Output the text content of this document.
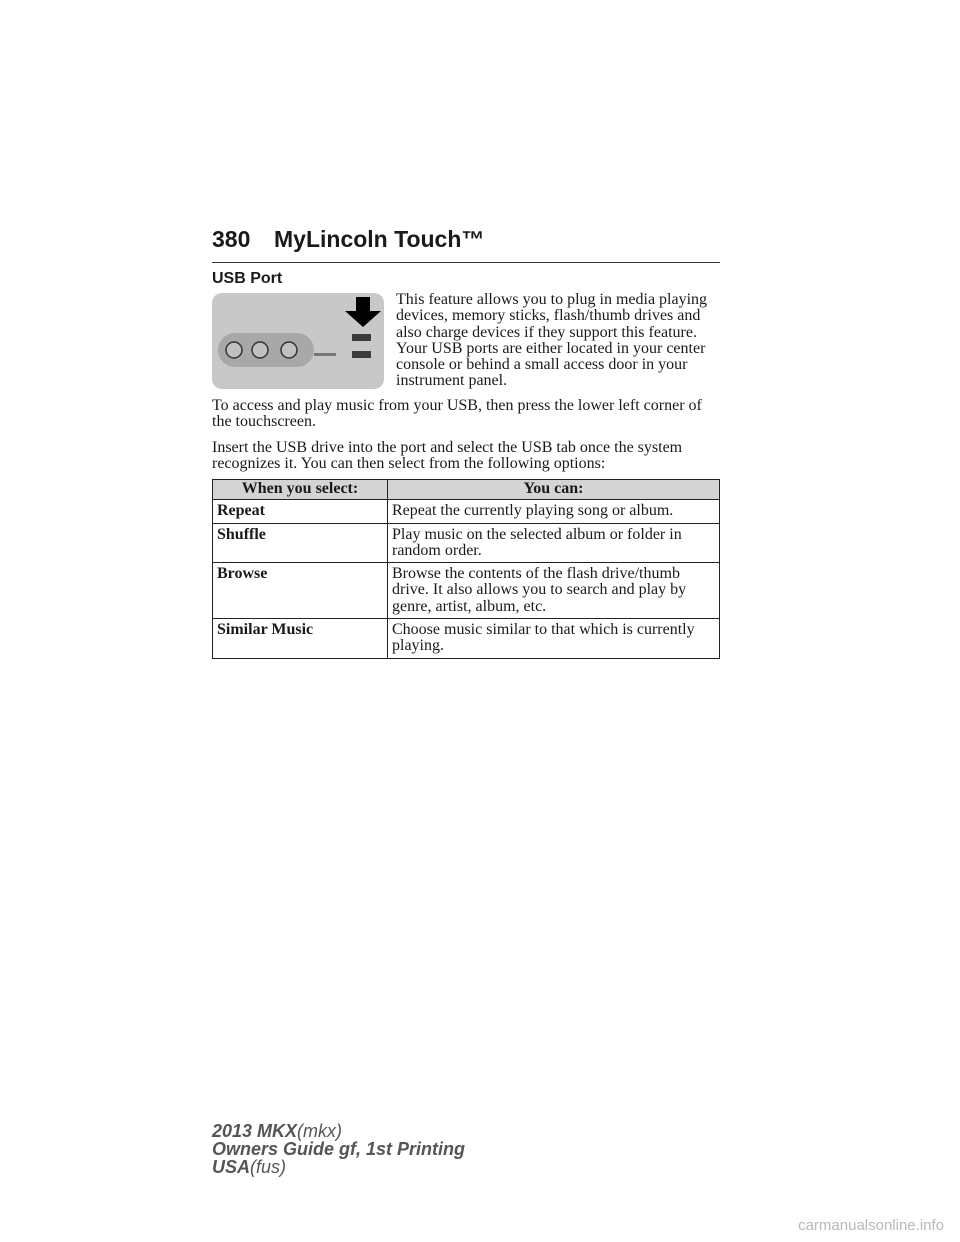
380 MyLincoln Touch™
USB Port
This feature allows you to plug in media playing devices, memory sticks, flash/thumb drives and also charge devices if they support this feature. Your USB ports are either located in your center console or behind a small access door in your instrument panel.
To access and play music from your USB, then press the lower left corner of the touchscreen.
Insert the USB drive into the port and select the USB tab once the system recognizes it. You can then select from the following options:
When you select:	You can:
Repeat	Repeat the currently playing song or album.
Shuffle	Play music on the selected album or folder in random order.
Browse	Browse the contents of the flash drive/thumb drive. It also allows you to search and play by genre, artist, album, etc.
Similar Music	Choose music similar to that which is currently playing.
2013 MKX(mkx)
Owners Guide gf, 1st Printing
USA(fus)
carmanualsonline.info
